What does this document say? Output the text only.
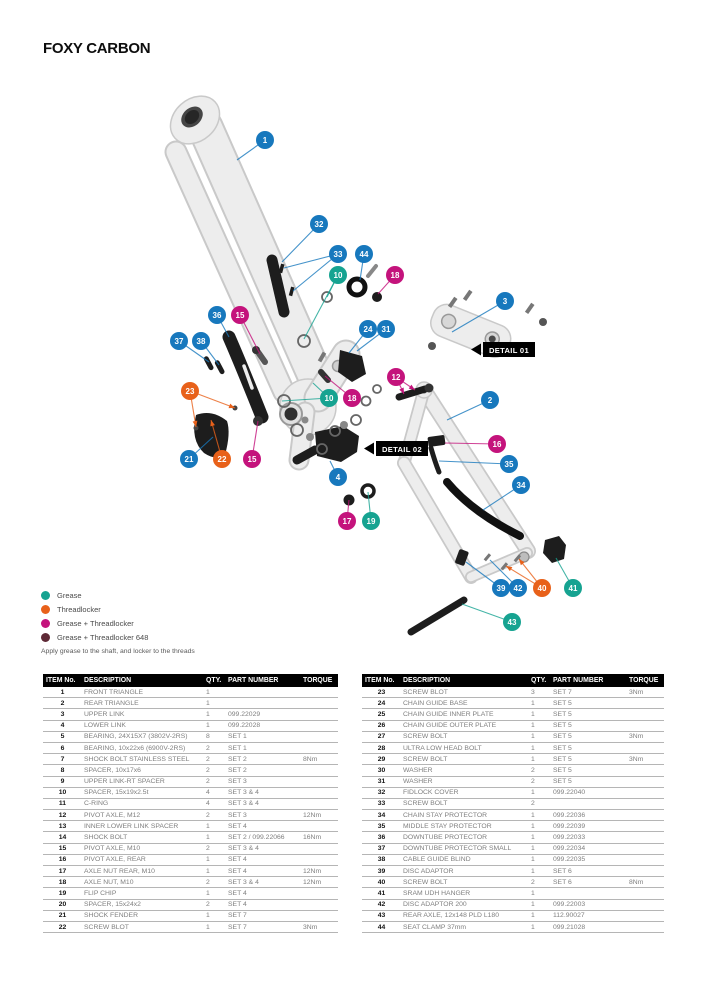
FOXY CARBON
DETAIL 01
DETAIL 02
1
32
33 44
10	18
3
36 15
24 31
37 38
12
23
10 18	2
16
21	22	15
35
4
34
17 19
39 42 40	41
43
Grease
Threadlocker
Grease + Threadlocker
Grease + Threadlocker 648
Apply grease to the shaft, and locker to the threads
ITEM No.	DESCRIPTION	QTY.	PART NUMBER	TORQUE
1	FRONT TRIANGLE	1		
2	REAR TRIANGLE	1		
3	UPPER LINK	1	099.22029	
4	LOWER LINK	1	099.22028	
5	BEARING, 24X15X7 (3802V-2RS)	8	SET 1	
6	BEARING, 10x22x6 (6900V-2RS)	2	SET 1	
7	SHOCK BOLT STAINLESS STEEL	2	SET 2	8Nm
8	SPACER, 10x17x6	2	SET 2	
9	UPPER LINK-RT SPACER	2	SET 3	
10	SPACER, 15x19x2.5t	4	SET 3 & 4	
11	C-RING	4	SET 3 & 4	
12	PIVOT AXLE, M12	2	SET 3	12Nm
13	INNER LOWER LINK SPACER	1	SET 4	
14	SHOCK BOLT	1	SET 2 / 099.22066	16Nm
15	PIVOT AXLE, M10	2	SET 3 & 4	
16	PIVOT AXLE, REAR	1	SET 4	
17	AXLE NUT REAR, M10	1	SET 4	12Nm
18	AXLE NUT, M10	2	SET 3 & 4	12Nm
19	FLIP CHIP	1	SET 4	
20	SPACER, 15x24x2	2	SET 4	
21	SHOCK FENDER	1	SET 7	
22	SCREW BLOT	1	SET 7	3Nm
ITEM No.	DESCRIPTION	QTY.	PART NUMBER	TORQUE
23	SCREW BLOT	3	SET 7	3Nm
24	CHAIN GUIDE BASE	1	SET 5	
25	CHAIN GUIDE INNER PLATE	1	SET 5	
26	CHAIN GUIDE OUTER PLATE	1	SET 5	
27	SCREW BOLT	1	SET 5	3Nm
28	ULTRA LOW HEAD BOLT	1	SET 5	
29	SCREW BOLT	1	SET 5	3Nm
30	WASHER	2	SET 5	
31	WASHER	2	SET 5	
32	FIDLOCK COVER	1	099.22040	
33	SCREW BOLT	2		
34	CHAIN STAY PROTECTOR	1	099.22036	
35	MIDDLE STAY PROTECTOR	1	099.22039	
36	DOWNTUBE PROTECTOR	1	099.22033	
37	DOWNTUBE PROTECTOR SMALL	1	099.22034	
38	CABLE GUIDE BLIND	1	099.22035	
39	DISC ADAPTOR	1	SET 6	
40	SCREW BOLT	2	SET 6	8Nm
41	SRAM UDH HANGER	1		
42	DISC ADAPTOR 200	1	099.22003	
43	REAR AXLE, 12x148 PLD L180	1	112.90027	
44	SEAT CLAMP 37mm	1	099.21028	
